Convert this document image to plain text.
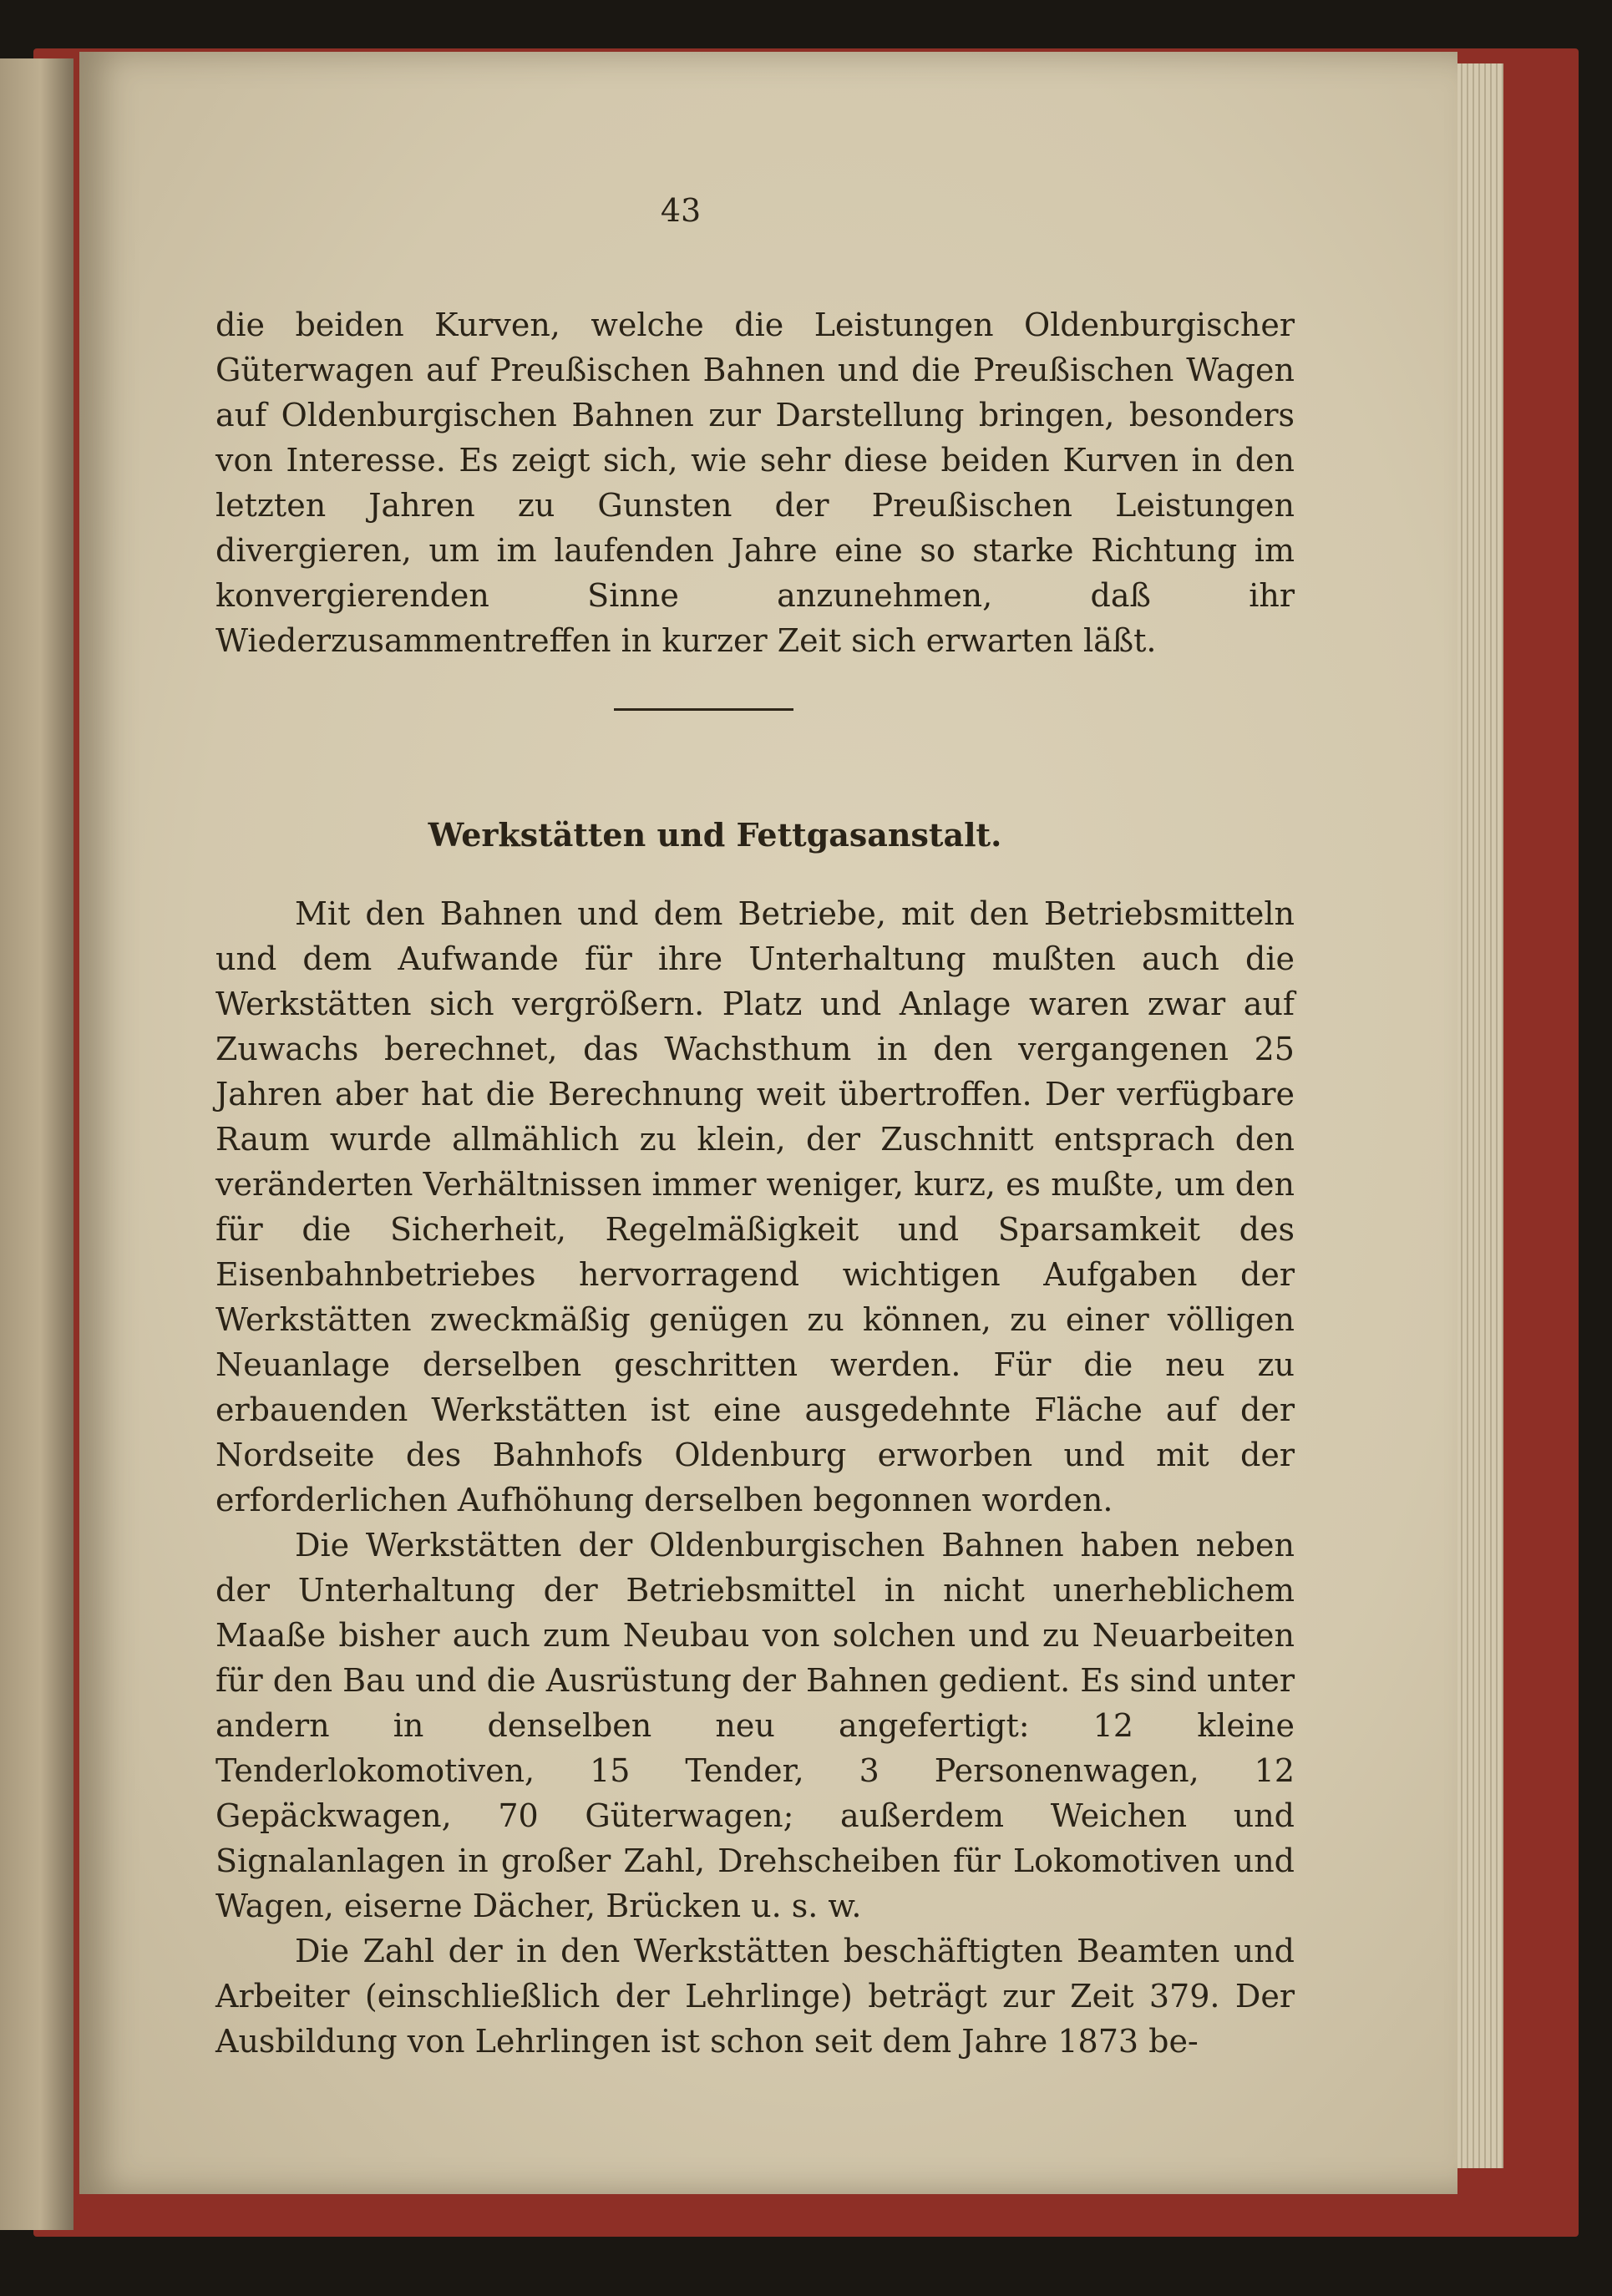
43

die beiden Kurven, welche die Leistungen Oldenburgischer Güterwagen auf Preußischen Bahnen und die Preußischen Wagen auf Oldenburgischen Bahnen zur Darstellung bringen, besonders von Interesse. Es zeigt sich, wie sehr diese beiden Kurven in den letzten Jahren zu Gunsten der Preußischen Leistungen divergieren, um im laufenden Jahre eine so starke Richtung im konvergierenden Sinne anzunehmen, daß ihr Wiederzusammentreffen in kurzer Zeit sich erwarten läßt.

Werkstätten und Fettgasanstalt.

Mit den Bahnen und dem Betriebe, mit den Betriebsmitteln und dem Aufwande für ihre Unterhaltung mußten auch die Werkstätten sich vergrößern. Platz und Anlage waren zwar auf Zuwachs berechnet, das Wachsthum in den vergangenen 25 Jahren aber hat die Berechnung weit übertroffen. Der verfügbare Raum wurde allmählich zu klein, der Zuschnitt entsprach den veränderten Verhältnissen immer weniger, kurz, es mußte, um den für die Sicherheit, Regelmäßigkeit und Sparsamkeit des Eisenbahnbetriebes hervorragend wichtigen Aufgaben der Werkstätten zweckmäßig genügen zu können, zu einer völligen Neuanlage derselben geschritten werden. Für die neu zu erbauenden Werkstätten ist eine ausgedehnte Fläche auf der Nordseite des Bahnhofs Oldenburg erworben und mit der erforderlichen Aufhöhung derselben begonnen worden.

Die Werkstätten der Oldenburgischen Bahnen haben neben der Unterhaltung der Betriebsmittel in nicht unerheblichem Maaße bisher auch zum Neubau von solchen und zu Neuarbeiten für den Bau und die Ausrüstung der Bahnen gedient. Es sind unter andern in denselben neu angefertigt: 12 kleine Tenderlokomotiven, 15 Tender, 3 Personenwagen, 12 Gepäckwagen, 70 Güterwagen; außerdem Weichen und Signalanlagen in großer Zahl, Drehscheiben für Lokomotiven und Wagen, eiserne Dächer, Brücken u. s. w.

Die Zahl der in den Werkstätten beschäftigten Beamten und Arbeiter (einschließlich der Lehrlinge) beträgt zur Zeit 379. Der Ausbildung von Lehrlingen ist schon seit dem Jahre 1873 be-
